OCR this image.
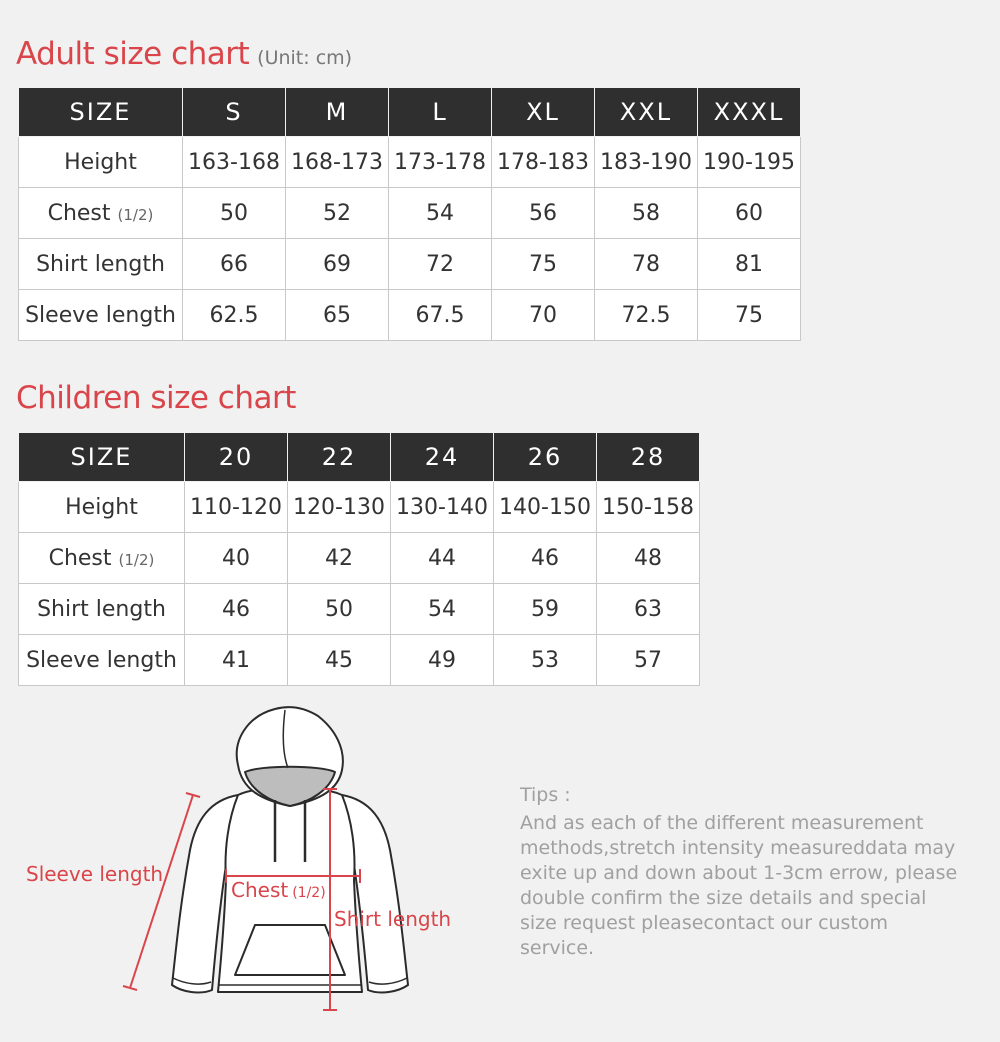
Adult size chart (Unit: cm)
SIZE	S	M	L	XL	XXL	XXXL
Height	163-168	168-173	173-178	178-183	183-190	190-195
Chest (1/2)	50	52	54	56	58	60
Shirt length	66	69	72	75	78	81
Sleeve length	62.5	65	67.5	70	72.5	75
Children size chart
SIZE	20	22	24	26	28
Height	110-120	120-130	130-140	140-150	150-158
Chest (1/2)	40	42	44	46	48
Shirt length	46	50	54	59	63
Sleeve length	41	45	49	53	57
Sleeve length
Chest (1/2)
Shirt length

Tips :

And as each of the different measurement methods,stretch intensity measureddata may exite up and down about 1-3cm errow, please double confirm the size details and special size request pleasecontact our custom service.
